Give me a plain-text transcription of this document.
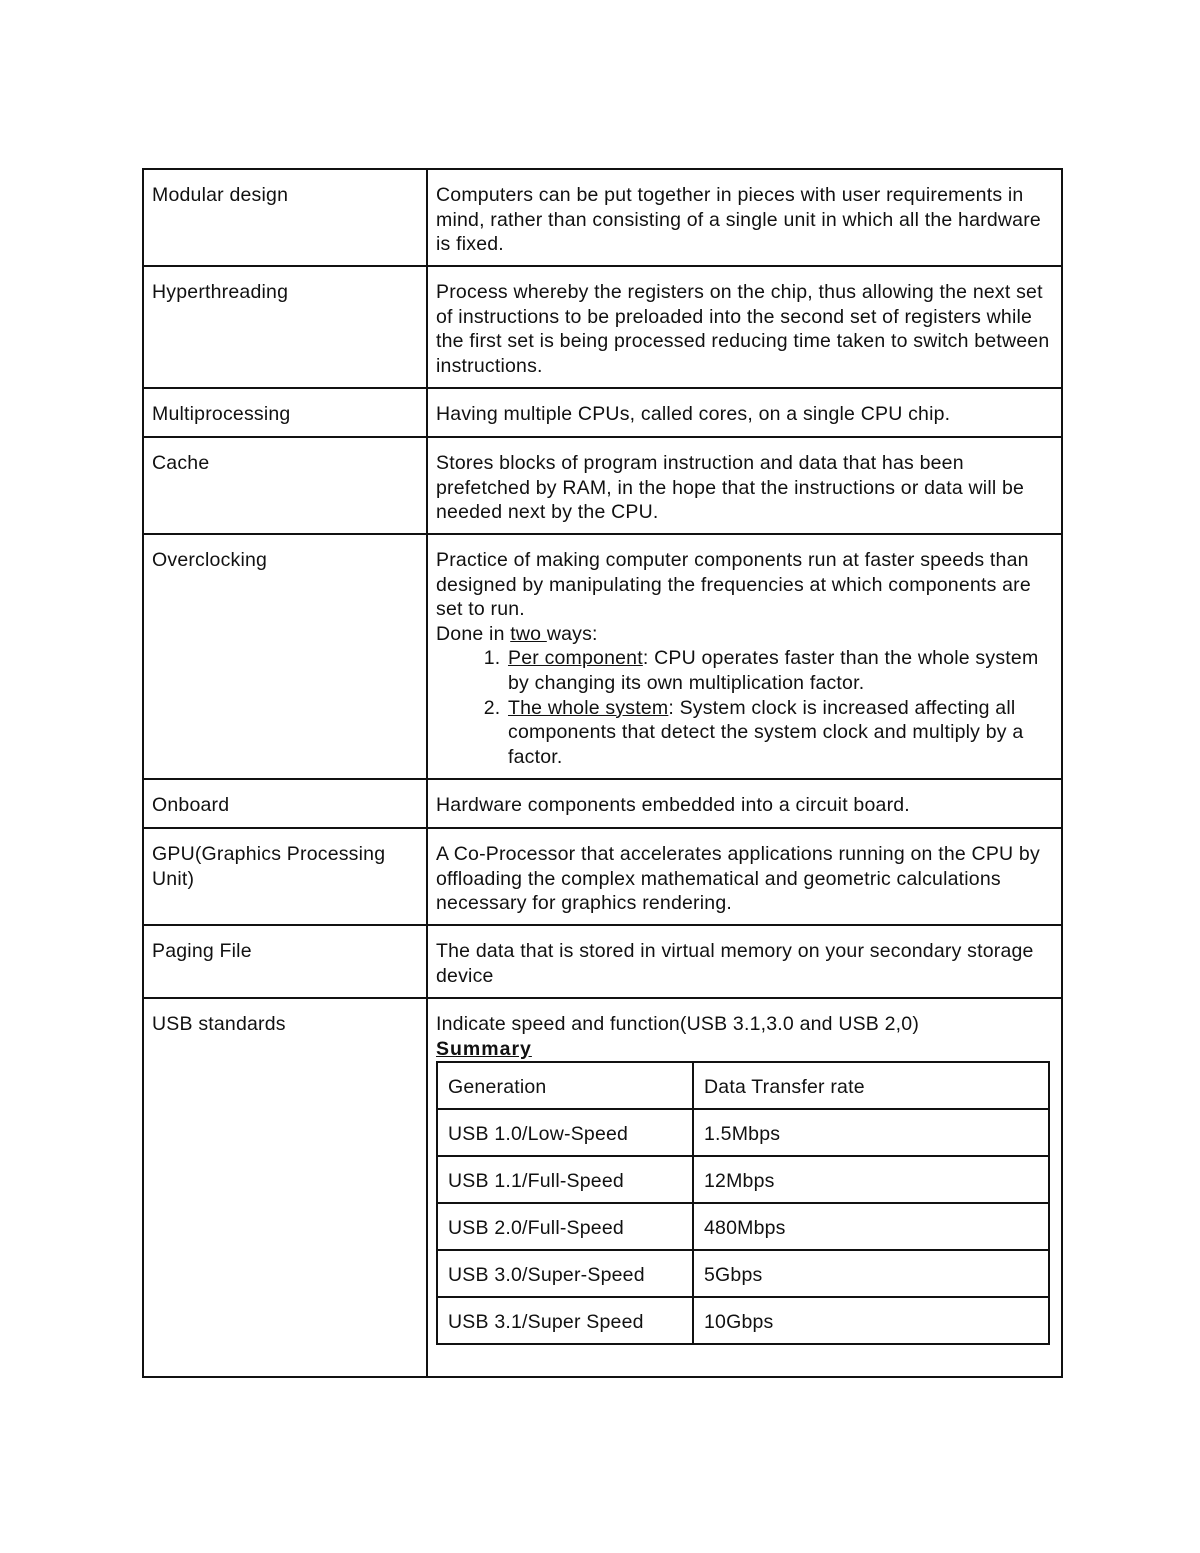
Modular design	Computers can be put together in pieces with user requirements in mind, rather than consisting of a single unit in which all the hardware is fixed.
Hyperthreading	Process whereby the registers on the chip, thus allowing the next set of instructions to be preloaded into the second set of registers while the first set is being processed reducing time taken to switch between instructions.
Multiprocessing	Having multiple CPUs, called cores, on a single CPU chip.
Cache	Stores blocks of program instruction and data that has been prefetched by RAM, in the hope that the instructions or data will be needed next by the CPU.
Overclocking	Practice of making computer components run at faster speeds than designed by manipulating the frequencies at which components are set to run.
Done in two ways:
1. Per component: CPU operates faster than the whole system by changing its own multiplication factor.
2. The whole system: System clock is increased affecting all components that detect the system clock and multiply by a factor.

Onboard	Hardware components embedded into a circuit board.
GPU(Graphics Processing Unit)	A Co-Processor that accelerates applications running on the CPU by offloading the complex mathematical and geometric calculations necessary for graphics rendering.
Paging File	The data that is stored in virtual memory on your secondary storage device
USB standards	Indicate speed and function(USB 3.1,3.0 and USB 2,0)
Summary
Generation	Data Transfer rate
USB 1.0/Low-Speed	1.5Mbps
USB 1.1/Full-Speed	12Mbps
USB 2.0/Full-Speed	480Mbps
USB 3.0/Super-Speed	5Gbps
USB 3.1/Super Speed	10Gbps
